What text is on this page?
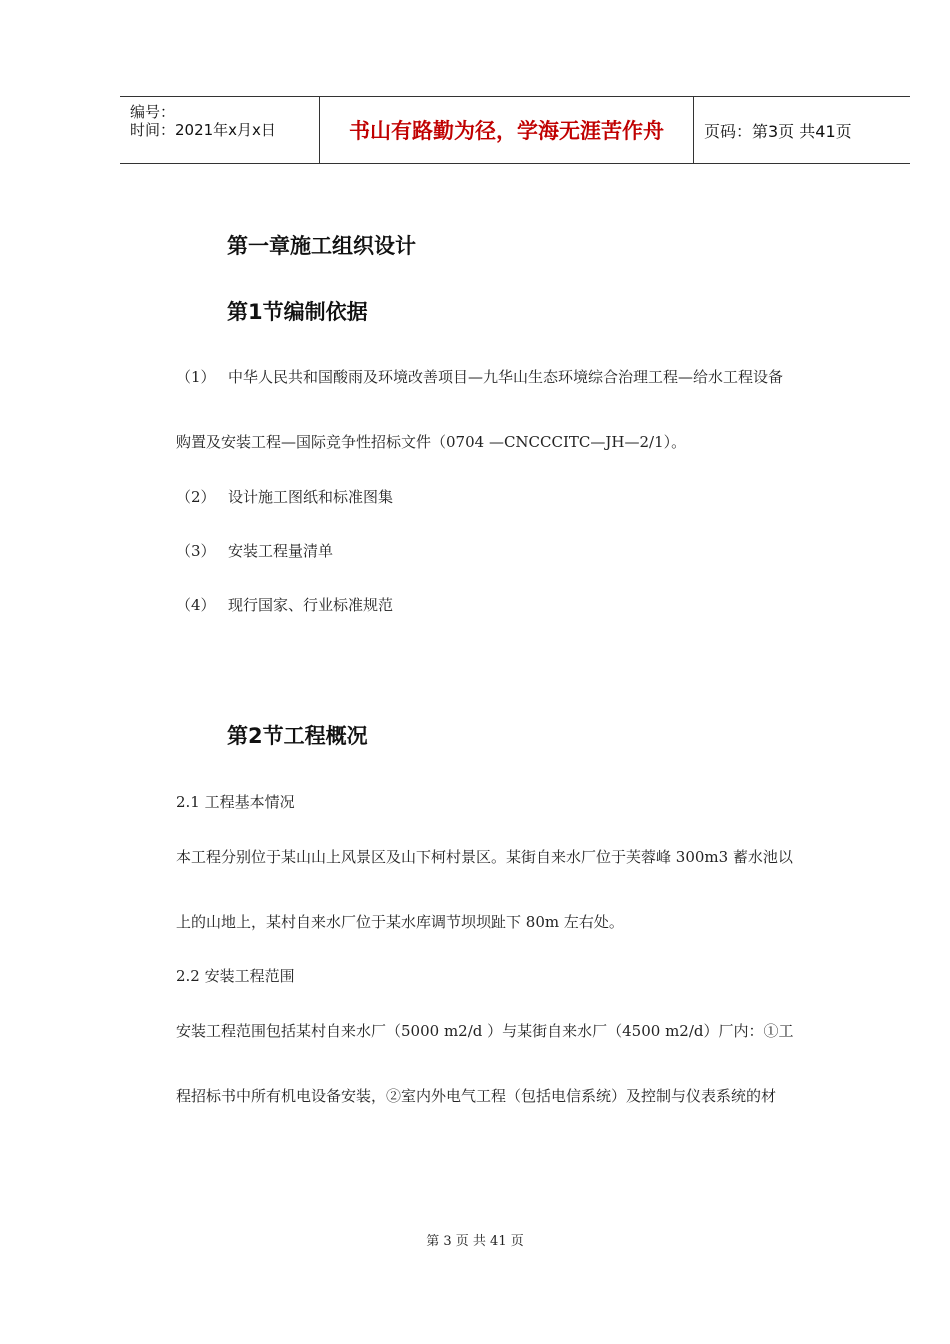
编号：
时间：2021年x月x日	书山有路勤为径，学海无涯苦作舟	页码：第3页 共41页
第一章施工组织设计
第1节编制依据
（1） 中华人民共和国酸雨及环境改善项目—九华山生态环境综合治理工程—给水工程设备
购置及安装工程—国际竞争性招标文件（0704 —CNCCCITC—JH—2/1）。
（2） 设计施工图纸和标准图集
（3） 安装工程量清单
（4） 现行国家、行业标准规范
第2节工程概况
2.1 工程基本情况
本工程分别位于某山山上风景区及山下柯村景区。某街自来水厂位于芙蓉峰 300m3 蓄水池以
上的山地上，某村自来水厂位于某水库调节坝坝趾下 80m 左右处。
2.2 安装工程范围
安装工程范围包括某村自来水厂（5000 m2/d ）与某街自来水厂（4500 m2/d）厂内：①工
程招标书中所有机电设备安装，②室内外电气工程（包括电信系统）及控制与仪表系统的材
第 3 页 共 41 页
